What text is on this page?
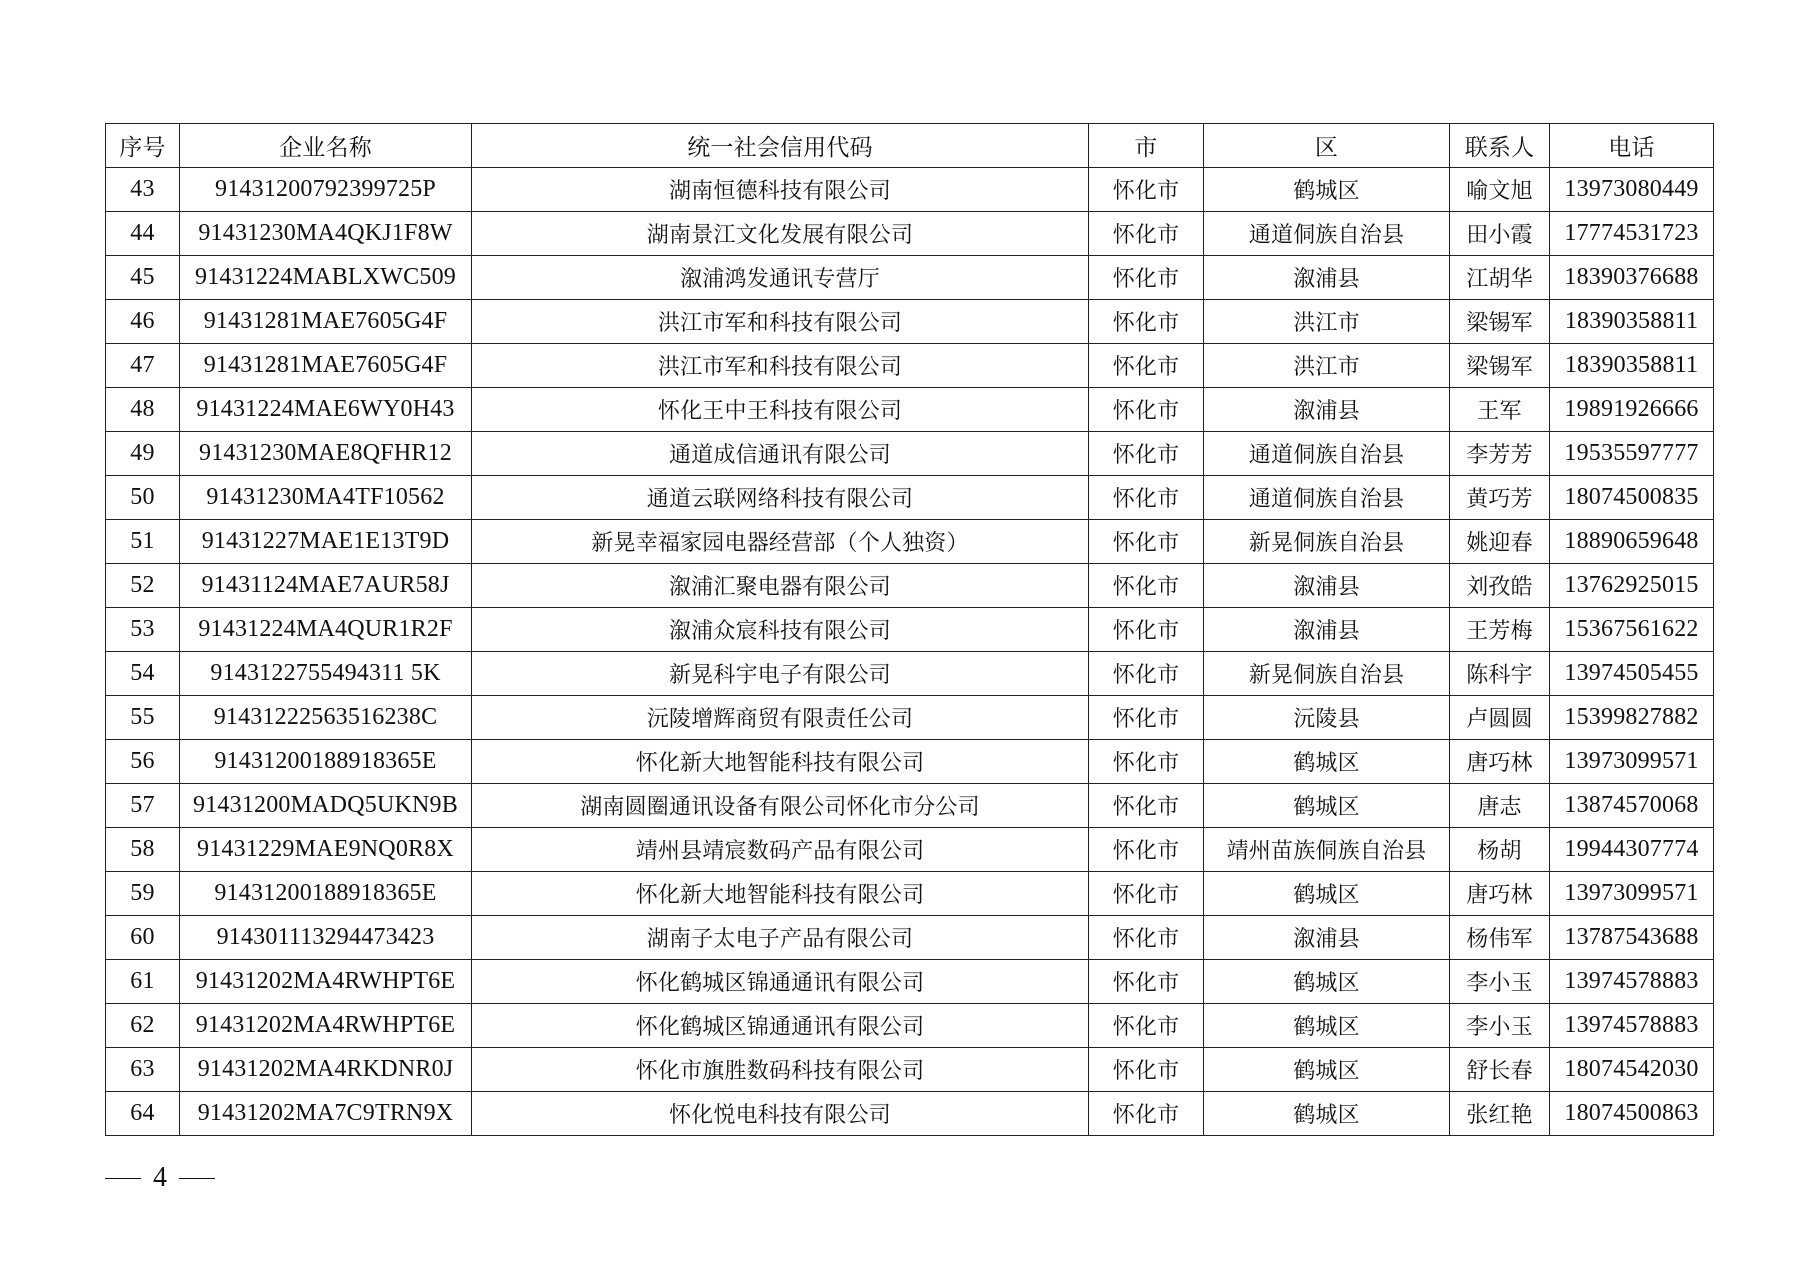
序号	企业名称	统一社会信用代码	市	区	联系人	电话
43	91431200792399725P	湖南恒德科技有限公司	怀化市	鹤城区	喻文旭	13973080449
44	91431230MA4QKJ1F8W	湖南景江文化发展有限公司	怀化市	通道侗族自治县	田小霞	17774531723
45	91431224MABLXWC509	溆浦鸿发通讯专营厅	怀化市	溆浦县	江胡华	18390376688
46	91431281MAE7605G4F	洪江市军和科技有限公司	怀化市	洪江市	梁锡军	18390358811
47	91431281MAE7605G4F	洪江市军和科技有限公司	怀化市	洪江市	梁锡军	18390358811
48	91431224MAE6WY0H43	怀化王中王科技有限公司	怀化市	溆浦县	王军	19891926666
49	91431230MAE8QFHR12	通道成信通讯有限公司	怀化市	通道侗族自治县	李芳芳	19535597777
50	91431230MA4TF10562	通道云联网络科技有限公司	怀化市	通道侗族自治县	黄巧芳	18074500835
51	91431227MAE1E13T9D	新晃幸福家园电器经营部（个人独资）	怀化市	新晃侗族自治县	姚迎春	18890659648
52	91431124MAE7AUR58J	溆浦汇聚电器有限公司	怀化市	溆浦县	刘孜皓	13762925015
53	91431224MA4QUR1R2F	溆浦众宸科技有限公司	怀化市	溆浦县	王芳梅	15367561622
54	9143122755494311 5K	新晃科宇电子有限公司	怀化市	新晃侗族自治县	陈科宇	13974505455
55	91431222563516238C	沅陵增辉商贸有限责任公司	怀化市	沅陵县	卢圆圆	15399827882
56	91431200188918365E	怀化新大地智能科技有限公司	怀化市	鹤城区	唐巧林	13973099571
57	91431200MADQ5UKN9B	湖南圆圈通讯设备有限公司怀化市分公司	怀化市	鹤城区	唐志	13874570068
58	91431229MAE9NQ0R8X	靖州县靖宸数码产品有限公司	怀化市	靖州苗族侗族自治县	杨胡	19944307774
59	91431200188918365E	怀化新大地智能科技有限公司	怀化市	鹤城区	唐巧林	13973099571
60	914301113294473423	湖南子太电子产品有限公司	怀化市	溆浦县	杨伟军	13787543688
61	91431202MA4RWHPT6E	怀化鹤城区锦通通讯有限公司	怀化市	鹤城区	李小玉	13974578883
62	91431202MA4RWHPT6E	怀化鹤城区锦通通讯有限公司	怀化市	鹤城区	李小玉	13974578883
63	91431202MA4RKDNR0J	怀化市旗胜数码科技有限公司	怀化市	鹤城区	舒长春	18074542030
64	91431202MA7C9TRN9X	怀化悦电科技有限公司	怀化市	鹤城区	张红艳	18074500863
4
